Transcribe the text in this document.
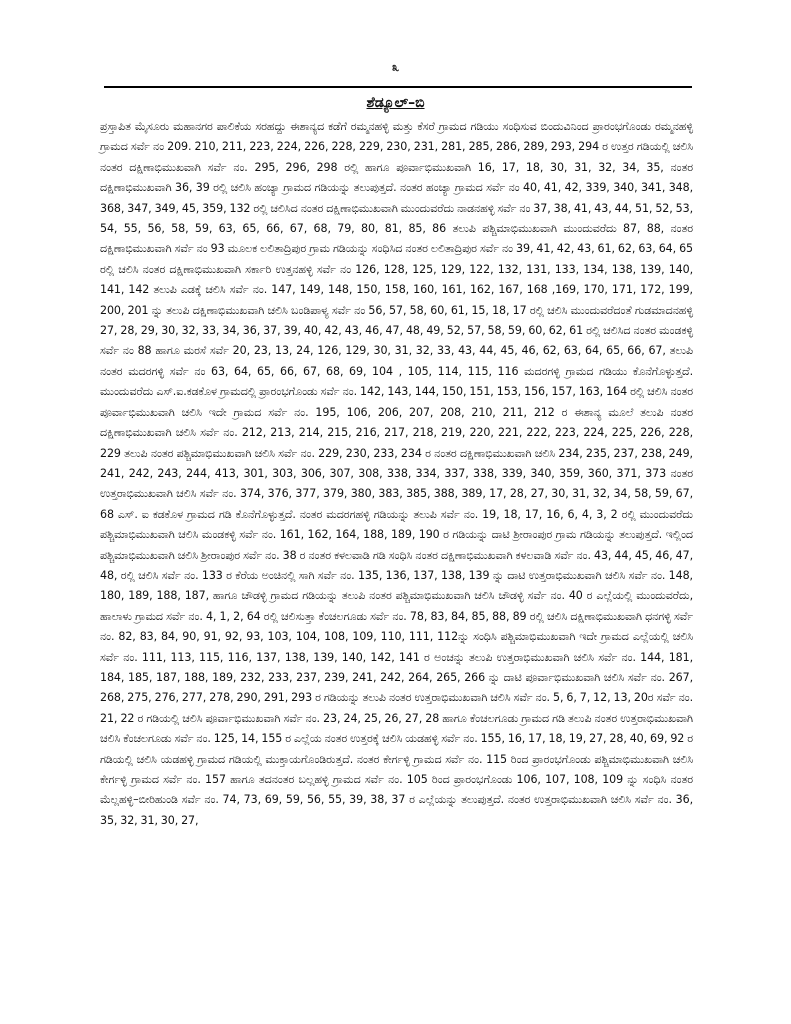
೩
ಶೆಡ್ಯೂಲ್–ಬಿ

ಪ್ರಸ್ತಾಪಿತ ಮೈಸೂರು ಮಹಾನಗರ ಪಾಲಿಕೆಯ ಸರಹದ್ದು ಈಶಾನ್ಯದ ಕಡೆಗೆ ರಮ್ಮನಹಳ್ಳಿ ಮತ್ತು ಕೆಸರೆ ಗ್ರಾಮದ ಗಡಿಯು ಸಂಧಿಸುವ ಬಿಂದುವಿನಿಂದ ಪ್ರಾರಂಭಗೊಂಡು ರಮ್ಮನಹಳ್ಳಿ ಗ್ರಾಮದ ಸರ್ವೆ ನಂ 209. 210, 211, 223, 224, 226, 228, 229, 230, 231, 281, 285, 286, 289, 293, 294 ರ ಉತ್ತರ ಗಡಿಯಲ್ಲಿ ಚಲಿಸಿ ನಂತರ ದಕ್ಷಿಣಾಭಿಮುಖವಾಗಿ ಸರ್ವೆ ನಂ. 295, 296, 298 ರಲ್ಲಿ ಹಾಗೂ ಪೂರ್ವಾಭಿಮುಖವಾಗಿ 16, 17, 18, 30, 31, 32, 34, 35, ನಂತರ ದಕ್ಷಿಣಾಭಿಮುಖವಾಗಿ 36, 39 ರಲ್ಲಿ ಚಲಿಸಿ ಹಂಚ್ಯಾ ಗ್ರಾಮದ ಗಡಿಯನ್ನು ತಲುಪುತ್ತದೆ. ನಂತರ ಹಂಚ್ಯಾ ಗ್ರಾಮದ ಸರ್ವೆ ನಂ 40, 41, 42, 339, 340, 341, 348, 368, 347, 349, 45, 359, 132 ರಲ್ಲಿ ಚಲಿಸಿದ ನಂತರ ದಕ್ಷಿಣಾಭಿಮುಖವಾಗಿ ಮುಂದುವರೆದು ನಾಡನಹಳ್ಳಿ ಸರ್ವೆ ನಂ 37, 38, 41, 43, 44, 51, 52, 53, 54, 55, 56, 58, 59, 63, 65, 66, 67, 68, 79, 80, 81, 85, 86 ತಲುಪಿ ಪಶ್ಚಿಮಾಭಿಮುಖವಾಗಿ ಮುಂದುವರೆದು 87, 88, ನಂತರ ದಕ್ಷಿಣಾಭಿಮುಖವಾಗಿ ಸರ್ವೆ ನಂ 93 ಮೂಲಕ ಲಲಿತಾದ್ರಿಪುರ ಗ್ರಾಮ ಗಡಿಯನ್ನು ಸಂಧಿಸಿದ ನಂತರ ಲಲಿತಾದ್ರಿಪುರ ಸರ್ವೆ ನಂ 39, 41, 42, 43, 61, 62, 63, 64, 65 ರಲ್ಲಿ ಚಲಿಸಿ ನಂತರ ದಕ್ಷಿಣಾಭಿಮುಖವಾಗಿ ಸರ್ಕಾರಿ ಉತ್ತನಹಳ್ಳಿ ಸರ್ವೆ ನಂ 126, 128, 125, 129, 122, 132, 131, 133, 134, 138, 139, 140, 141, 142 ತಲುಪಿ ಎಡಕ್ಕೆ ಚಲಿಸಿ ಸರ್ವೆ ನಂ. 147, 149, 148, 150, 158, 160, 161, 162, 167, 168 ,169, 170, 171, 172, 199, 200, 201 ನ್ನು ತಲುಪಿ ದಕ್ಷಿಣಾಭಿಮುಖವಾಗಿ ಚಲಿಸಿ ಬಂಡಿಪಾಳ್ಯ ಸರ್ವೆ ನಂ 56, 57, 58, 60, 61, 15, 18, 17 ರಲ್ಲಿ ಚಲಿಸಿ ಮುಂದುವರೆದಂತೆ ಗುಡಮಾದನಹಳ್ಳಿ 27, 28, 29, 30, 32, 33, 34, 36, 37, 39, 40, 42, 43, 46, 47, 48, 49, 52, 57, 58, 59, 60, 62, 61 ರಲ್ಲಿ ಚಲಿಸಿದ ನಂತರ ಮಂಡಕಳ್ಳಿ ಸರ್ವೆ ನಂ 88 ಹಾಗೂ ಮರಸೆ ಸರ್ವೆ 20, 23, 13, 24, 126, 129, 30, 31, 32, 33, 43, 44, 45, 46, 62, 63, 64, 65, 66, 67, ತಲುಪಿ ನಂತರ ಮದರಗಳ್ಳಿ ಸರ್ವೆ ನಂ 63, 64, 65, 66, 67, 68, 69, 104 , 105, 114, 115, 116 ಮದರಗಳ್ಳಿ ಗ್ರಾಮದ ಗಡಿಯು ಕೊನೆಗೊಳ್ಳುತ್ತದೆ. ಮುಂದುವರೆದು ಎಸ್.ಐ.ಕಡಕೊಳ ಗ್ರಾಮದಲ್ಲಿ ಪ್ರಾರಂಭಗೊಂಡು ಸರ್ವೆ ನಂ. 142, 143, 144, 150, 151, 153, 156, 157, 163, 164 ರಲ್ಲಿ ಚಲಿಸಿ ನಂತರ ಪೂರ್ವಾಭಿಮುಖವಾಗಿ ಚಲಿಸಿ ಇದೇ ಗ್ರಾಮದ ಸರ್ವೆ ನಂ. 195, 106, 206, 207, 208, 210, 211, 212 ರ ಈಶಾನ್ಯ ಮೂಲೆ ತಲುಪಿ ನಂತರ ದಕ್ಷಿಣಾಭಿಮುಖವಾಗಿ ಚಲಿಸಿ ಸರ್ವೆ ನಂ. 212, 213, 214, 215, 216, 217, 218, 219, 220, 221, 222, 223, 224, 225, 226, 228, 229 ತಲುಪಿ ನಂತರ ಪಶ್ಚಿಮಾಭಿಮುಖವಾಗಿ ಚಲಿಸಿ ಸರ್ವೆ ನಂ. 229, 230, 233, 234 ರ ನಂತರ ದಕ್ಷಿಣಾಭಿಮುಖವಾಗಿ ಚಲಿಸಿ 234, 235, 237, 238, 249, 241, 242, 243, 244, 413, 301, 303, 306, 307, 308, 338, 334, 337, 338, 339, 340, 359, 360, 371, 373 ನಂತರ ಉತ್ತರಾಭಿಮುಖವಾಗಿ ಚಲಿಸಿ ಸರ್ವೆ ನಂ. 374, 376, 377, 379, 380, 383, 385, 388, 389, 17, 28, 27, 30, 31, 32, 34, 58, 59, 67, 68 ಎಸ್. ಐ ಕಡಕೊಳ ಗ್ರಾಮದ ಗಡಿ ಕೊನೆಗೊಳ್ಳುತ್ತದೆ. ನಂತರ ಮದರಗಹಳ್ಳಿ ಗಡಿಯನ್ನು ತಲುಪಿ ಸರ್ವೆ ನಂ. 19, 18, 17, 16, 6, 4, 3, 2 ರಲ್ಲಿ ಮುಂದುವರೆದು ಪಶ್ಚಿಮಾಭಿಮುಖವಾಗಿ ಚಲಿಸಿ ಮಂಡಕಳ್ಳಿ ಸರ್ವೆ ನಂ. 161, 162, 164, 188, 189, 190 ರ ಗಡಿಯನ್ನು ದಾಟಿ ಶ್ರೀರಾಂಪುರ ಗ್ರಾಮ ಗಡಿಯನ್ನು ತಲುಪುತ್ತದೆ. ಇಲ್ಲಿಂದ ಪಶ್ಚಿಮಾಭಿಮುಖವಾಗಿ ಚಲಿಸಿ ಶ್ರೀರಾಂಪುರ ಸರ್ವೆ ನಂ. 38 ರ ನಂತರ ಕಳಲವಾಡಿ ಗಡಿ ಸಂಧಿಸಿ ನಂತರ ದಕ್ಷಿಣಾಭಿಮುಖವಾಗಿ ಕಳಲವಾಡಿ ಸರ್ವೆ ನಂ. 43, 44, 45, 46, 47, 48, ರಲ್ಲಿ ಚಲಿಸಿ ಸರ್ವೆ ನಂ. 133 ರ ಕೆರೆಯ ಅಂಚಿನಲ್ಲಿ ಸಾಗಿ ಸರ್ವೆ ನಂ. 135, 136, 137, 138, 139 ನ್ನು ದಾಟಿ ಉತ್ತರಾಭಿಮುಖವಾಗಿ ಚಲಿಸಿ ಸರ್ವೆ ನಂ. 148, 180, 189, 188, 187, ಹಾಗೂ ಚೌಡಳ್ಳಿ ಗ್ರಾಮದ ಗಡಿಯನ್ನು ತಲುಪಿ ನಂತರ ಪಶ್ಚಿಮಾಭಿಮುಖವಾಗಿ ಚಲಿಸಿ ಚೌಡಳ್ಳಿ ಸರ್ವೆ ನಂ. 40 ರ ಎಲ್ಲೆಯಲ್ಲಿ ಮುಂದುವರೆದು, ಹಾಲಾಳು ಗ್ರಾಮದ ಸರ್ವೆ ನಂ. 4, 1, 2, 64 ರಲ್ಲಿ ಚಲಿಸುತ್ತಾ ಕೆಂಚಲಗೂಡು ಸರ್ವೆ ನಂ. 78, 83, 84, 85, 88, 89 ರಲ್ಲಿ ಚಲಿಸಿ ದಕ್ಷಿಣಾಭಿಮುಖವಾಗಿ ಧನಗಳ್ಳಿ ಸರ್ವೆ ನಂ. 82, 83, 84, 90, 91, 92, 93, 103, 104, 108, 109, 110, 111, 112ನ್ನು ಸಂಧಿಸಿ ಪಶ್ಚಿಮಾಭಿಮುಖವಾಗಿ ಇದೇ ಗ್ರಾಮದ ಎಲ್ಲೆಯಲ್ಲಿ ಚಲಿಸಿ ಸರ್ವೆ ನಂ. 111, 113, 115, 116, 137, 138, 139, 140, 142, 141 ರ ಅಂಚನ್ನು ತಲುಪಿ ಉತ್ತರಾಭಿಮುಖವಾಗಿ ಚಲಿಸಿ ಸರ್ವೆ ನಂ. 144, 181, 184, 185, 187, 188, 189, 232, 233, 237, 239, 241, 242, 264, 265, 266 ನ್ನು ದಾಟಿ ಪೂರ್ವಾಭಿಮುಖವಾಗಿ ಚಲಿಸಿ ಸರ್ವೆ ನಂ. 267, 268, 275, 276, 277, 278, 290, 291, 293 ರ ಗಡಿಯನ್ನು ತಲುಪಿ ನಂತರ ಉತ್ತರಾಭಿಮುಖವಾಗಿ ಚಲಿಸಿ ಸರ್ವೆ ನಂ. 5, 6, 7, 12, 13, 20ರ ಸರ್ವೆ ನಂ. 21, 22 ರ ಗಡಿಯಲ್ಲಿ ಚಲಿಸಿ ಪೂರ್ವಾಭಿಮುಖವಾಗಿ ಸರ್ವೆ ನಂ. 23, 24, 25, 26, 27, 28 ಹಾಗೂ ಕೆಂಚಲಗೂಡು ಗ್ರಾಮದ ಗಡಿ ತಲುಪಿ ನಂತರ ಉತ್ತರಾಭಿಮುಖವಾಗಿ ಚಲಿಸಿ ಕೆಂಚಲಗೂಡು ಸರ್ವೆ ನಂ. 125, 14, 155 ರ ಎಲ್ಲೆಯ ನಂತರ ಉತ್ತರಕ್ಕೆ ಚಲಿಸಿ ಯಡಹಳ್ಳಿ ಸರ್ವೆ ನಂ. 155, 16, 17, 18, 19, 27, 28, 40, 69, 92 ರ ಗಡಿಯಲ್ಲಿ ಚಲಿಸಿ ಯಡಹಳ್ಳಿ ಗ್ರಾಮದ ಗಡಿಯಲ್ಲಿ ಮುಕ್ತಾಯಗೊಂಡಿರುತ್ತದೆ. ನಂತರ ಕೇರ್ಗಳ್ಳಿ ಗ್ರಾಮದ ಸರ್ವೆ ನಂ. 115 ರಿಂದ ಪ್ರಾರಂಭಗೊಂಡು ಪಶ್ಚಿಮಾಭಿಮುಖವಾಗಿ ಚಲಿಸಿ ಕೇರ್ಗಳ್ಳಿ ಗ್ರಾಮದ ಸರ್ವೆ ನಂ. 157 ಹಾಗೂ ತದನಂತರ ಬಲ್ಲಹಳ್ಳಿ ಗ್ರಾಮದ ಸರ್ವೆ ನಂ. 105 ರಿಂದ ಪ್ರಾರಂಭಗೊಂಡು 106, 107, 108, 109 ನ್ನು ಸಂಧಿಸಿ ನಂತರ ಮೆಲ್ಲಹಳ್ಳಿ–ಬೀರಿಹುಂಡಿ ಸರ್ವೆ ನಂ. 74, 73, 69, 59, 56, 55, 39, 38, 37 ರ ಎಲ್ಲೆಯನ್ನು ತಲುಪುತ್ತದೆ. ನಂತರ ಉತ್ತರಾಭಿಮುಖವಾಗಿ ಚಲಿಸಿ ಸರ್ವೆ ನಂ. 36, 35, 32, 31, 30, 27,
